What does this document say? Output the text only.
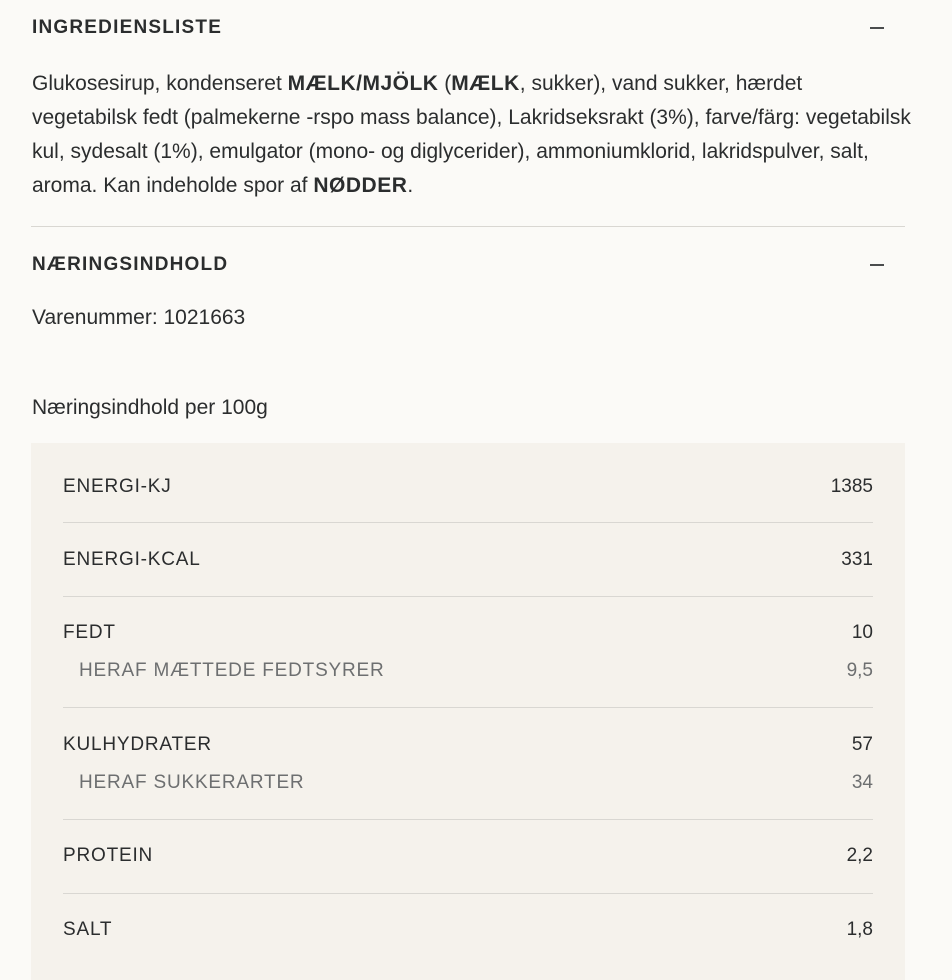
INGREDIENSLISTE
Glukosesirup, kondenseret MÆLK/MJÖLK (MÆLK, sukker), vand sukker, hærdet vegetabilsk fedt (palmekerne -rspo mass balance), Lakridseksrakt (3%), farve/färg: vegetabilsk kul, sydesalt (1%), emulgator (mono- og diglycerider), ammoniumklorid, lakridspulver, salt, aroma. Kan indeholde spor af NØDDER.
NÆRINGSINDHOLD
Varenummer: 1021663
Næringsindhold per 100g
ENERGI-KJ	1385
ENERGI-KCAL	331
FEDT	10
HERAF MÆTTEDE FEDTSYRER	9,5
KULHYDRATER	57
HERAF SUKKERARTER	34
PROTEIN	2,2
SALT	1,8
